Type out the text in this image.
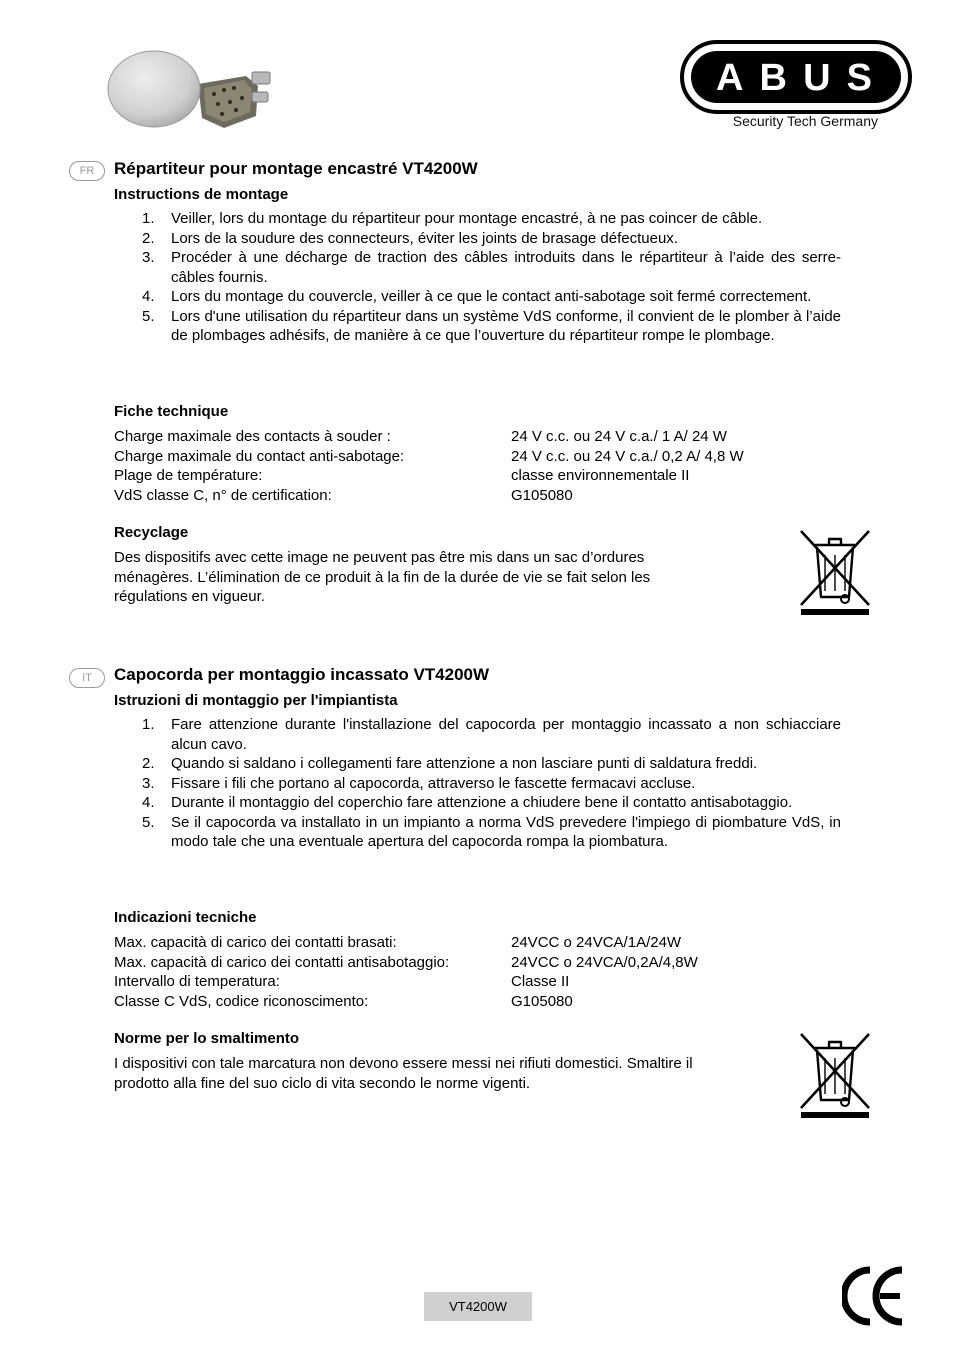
ABUS
Security Tech Germany
FR	Répartiteur pour montage encastré VT4200W
Instructions de montage
1. Veiller, lors du montage du répartiteur pour montage encastré, à ne pas coincer de câble.
2. Lors de la soudure des connecteurs, éviter les joints de brasage défectueux.
3. Procéder à une décharge de traction des câbles introduits dans le répartiteur à l’aide des serre-câbles fournis.
4. Lors du montage du couvercle, veiller à ce que le contact anti-sabotage soit fermé correctement.
5. Lors d'une utilisation du répartiteur dans un système VdS conforme, il convient de le plomber à l’aide de plombages adhésifs, de manière à ce que l’ouverture du répartiteur rompe le plombage.
Fiche technique
Charge maximale des contacts à souder :	24 V c.c. ou 24 V c.a./ 1 A/ 24 W
Charge maximale du contact anti-sabotage:	24 V c.c. ou 24 V c.a./ 0,2 A/ 4,8 W
Plage de température:	classe environnementale II
VdS classe C, n° de certification:	G105080
Recyclage
Des dispositifs avec cette image ne peuvent pas être mis dans un sac d’ordures
ménagères. L’élimination de ce produit à la fin de la durée de vie se fait selon les
régulations en vigueur.
IT	Capocorda per montaggio incassato VT4200W
Istruzioni di montaggio per l'impiantista
1. Fare attenzione durante l'installazione del capocorda per montaggio incassato a non schiacciare alcun cavo.
2. Quando si saldano i collegamenti fare attenzione a non lasciare punti di saldatura freddi.
3. Fissare i fili che portano al capocorda, attraverso le fascette fermacavi accluse.
4. Durante il montaggio del coperchio fare attenzione a chiudere bene il contatto antisabotaggio.
5. Se il capocorda va installato in un impianto a norma VdS prevedere l'impiego di piombature VdS, in modo tale che una eventuale apertura del capocorda rompa la piombatura.
Indicazioni tecniche
Max. capacità di carico dei contatti brasati:	24VCC o 24VCA/1A/24W
Max. capacità di carico dei contatti antisabotaggio:	24VCC o 24VCA/0,2A/4,8W
Intervallo di temperatura:	Classe II
Classe C VdS, codice riconoscimento:	G105080
Norme per lo smaltimento
I dispositivi con tale marcatura non devono essere messi nei rifiuti domestici. Smaltire il
prodotto alla fine del suo ciclo di vita secondo le norme vigenti.
VT4200W
